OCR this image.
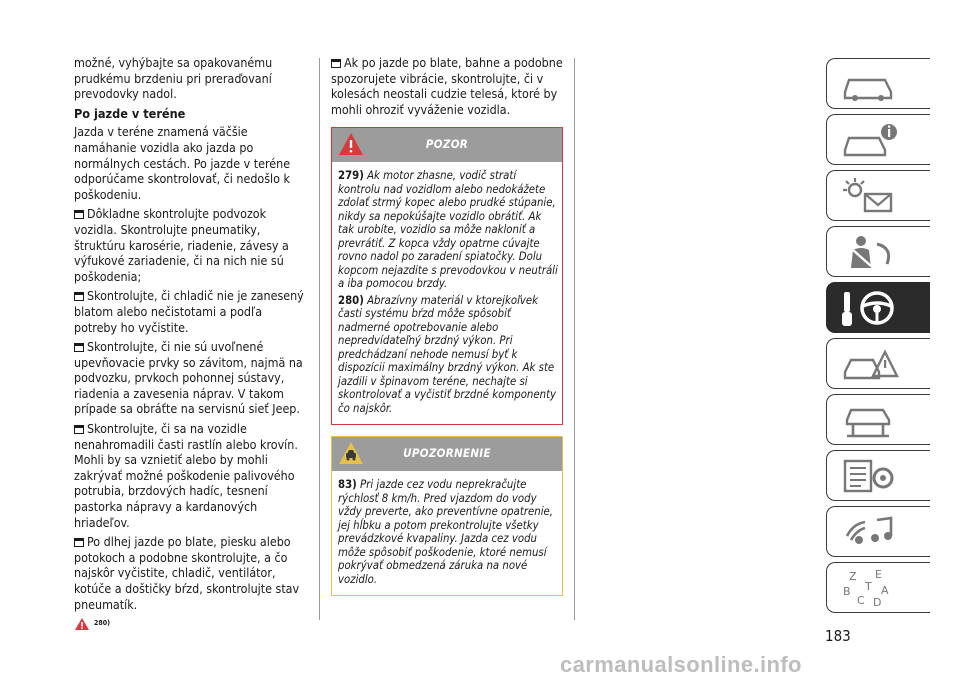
možné, vyhýbajte sa opakovanému prudkému brzdeniu pri preraďovaní prevodovky nadol.

Po jazde v teréne

Jazda v teréne znamená väčšie namáhanie vozidla ako jazda po normálnych cestách. Po jazde v teréne odporúčame skontrolovať, či nedošlo k poškodeniu.

Dôkladne skontrolujte podvozok vozidla. Skontrolujte pneumatiky, štruktúru karosérie, riadenie, závesy a výfukové zariadenie, či na nich nie sú poškodenia;

Skontrolujte, či chladič nie je zanesený blatom alebo nečistotami a podľa potreby ho vyčistite.

Skontrolujte, či nie sú uvoľnené upevňovacie prvky so závitom, najmä na podvozku, prvkoch pohonnej sústavy, riadenia a zavesenia náprav. V takom prípade sa obráťte na servisnú sieť Jeep.

Skontrolujte, či sa na vozidle nenahromadili časti rastlín alebo krovín. Mohli by sa vznietiť alebo by mohli zakrývať možné poškodenie palivového potrubia, brzdových hadíc, tesnení pastorka nápravy a kardanových hriadeľov.

Po dlhej jazde po blate, piesku alebo potokoch a podobne skontrolujte, a čo najskôr vyčistite, chladič, ventilátor, kotúče a doštičky bŕzd, skontrolujte stav pneumatík.

280)

Ak po jazde po blate, bahne a podobne spozorujete vibrácie, skontrolujte, či v kolesách neostali cudzie telesá, ktoré by mohli ohroziť vyváženie vozidla.

POZOR

279) Ak motor zhasne, vodič stratí kontrolu nad vozidlom alebo nedokážete zdolať strmý kopec alebo prudké stúpanie, nikdy sa nepokúšajte vozidlo obrátiť. Ak tak urobíte, vozidlo sa môže nakloniť a prevrátiť. Z kopca vždy opatrne cúvajte rovno nadol po zaradení spiatočky. Dolu kopcom nejazdite s prevodovkou v neutráli a iba pomocou brzdy.

280) Abrazívny materiál v ktorejkoľvek časti systému bŕzd môže spôsobiť nadmerné opotrebovanie alebo nepredvídateľný brzdný výkon. Pri predchádzaní nehode nemusí byť k dispozícii maximálny brzdný výkon. Ak ste jazdili v špinavom teréne, nechajte si skontrolovať a vyčistiť brzdné komponenty čo najskôr.

UPOZORNENIE

83) Pri jazde cez vodu neprekračujte rýchlosť 8 km/h. Pred vjazdom do vody vždy preverte, ako preventívne opatrenie, jej hĺbku a potom prekontrolujte všetky prevádzkové kvapaliny. Jazda cez vodu môže spôsobiť poškodenie, ktoré nemusí pokrývať obmedzená záruka na nové vozidlo.	Z E
B	A
C D
T
183
carmanualsonline.info
